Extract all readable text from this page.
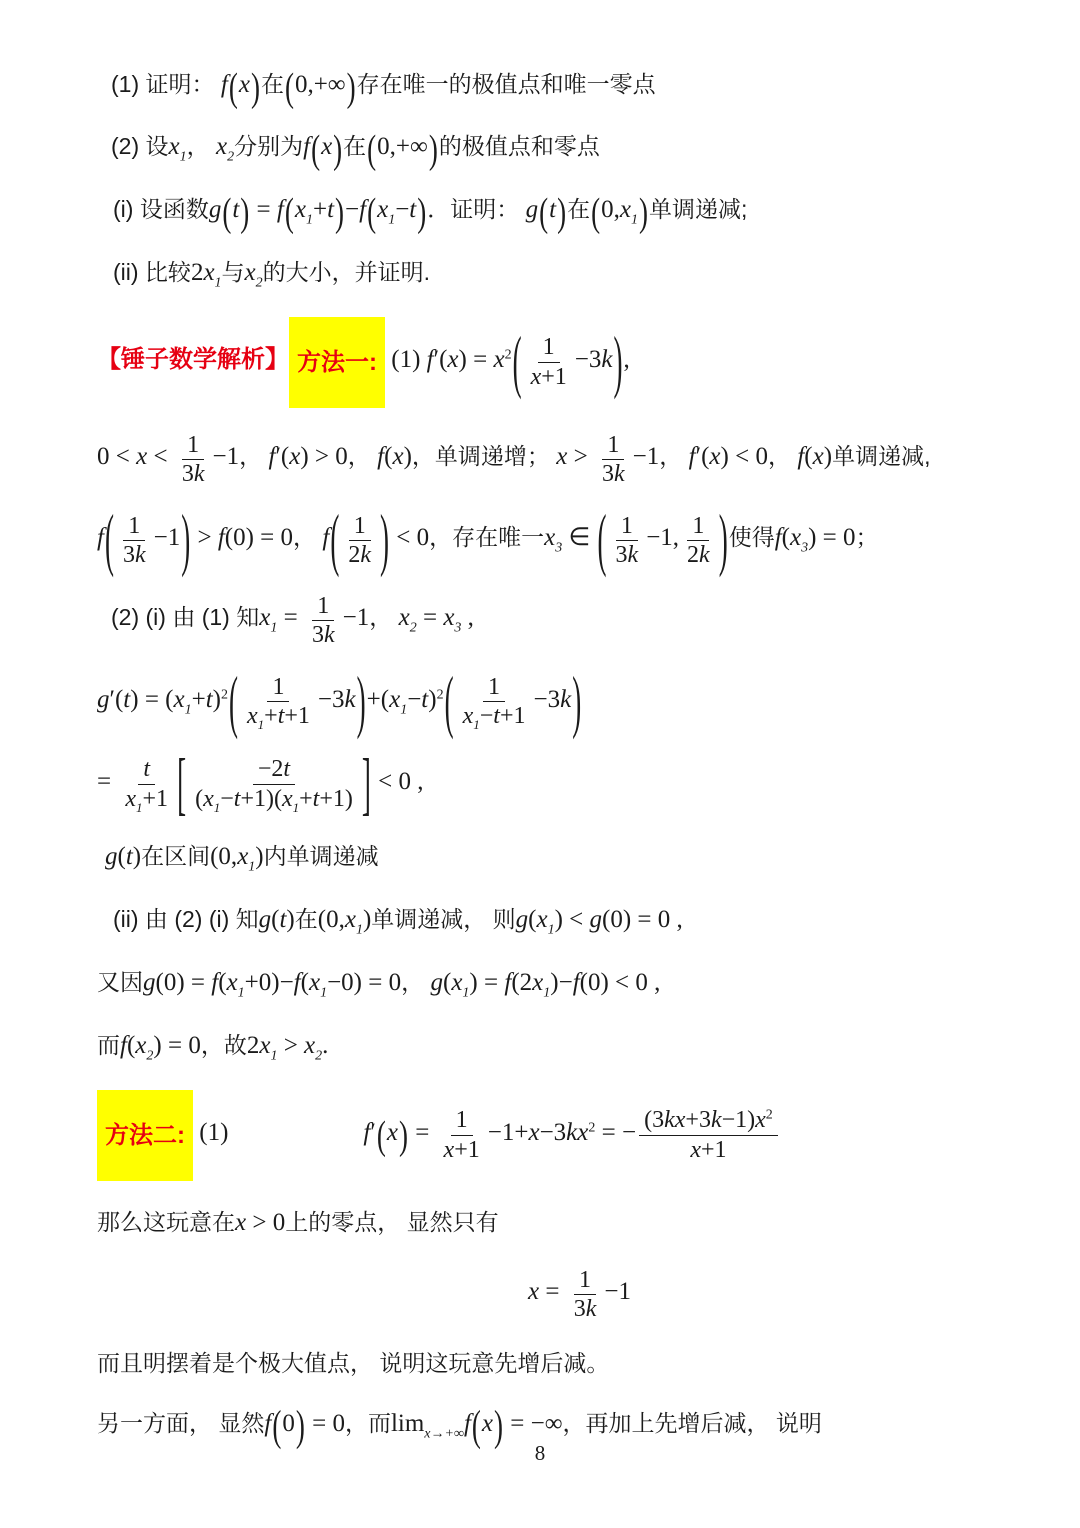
(1) 证明： f(x)在(0,+∞)存在唯一的极值点和唯一零点
(2) 设x1， x2分别为f(x)在(0,+∞)的极值点和零点
(i) 设函数g(t) = f(x1+t)−f(x1−t)．证明： g(t)在(0,x1)单调递减;
(ii) 比较2x1与x2的大小，并证明.
【锤子数学解析】 方法一: (1) $f'(x) = x2( \frac{1}{x+1} -3k)$,
$0 < x < \frac{1}{3k} -1$， f′(x) > 0， f(x)，单调递增； $x > \frac{1}{3k} -1$， f′(x) < 0， f(x)单调递减,
$f( \frac{1}{3k} -1) > f(0) = 0$， $f( \frac{1}{2k}$ ) < 0，存在唯一x3 ∈ ( $\frac{1}{3k} -1$, $\frac{1}{2k}$ )使得f(x3) = 0；
(2) (i) 由 (1) 知$x1 = \frac{1}{3k} -1$， x2 = x3 ,
$g'(t) = (x1+t)2( \frac{1}{x_1+t+1} -3k)+(x1-t)2( \frac{1}{x_1-t+1} -3k)$
= $\frac{t}{x_1+1}$ [ $\frac{-2t}{(x_1-t+1)(x_1+t+1)}$ ] < 0 ,
g(t)在区间(0,x1)内单调递减
(ii) 由 (2) (i) 知g(t)在(0,x1)单调递减， 则g(x1) < g(0) = 0 ,
又因g(0) = f(x1+0)−f(x1−0) = 0， g(x1) = f(2x1)−f(0) < 0 ,
而f(x2) = 0，故2x1 > x2.
方法二: (1)	$f'(x) = \frac{1}{x+1} -1+x-3kx2$ = − $\frac{(3kx+3k-1)x2}{x+1}$
那么这玩意在x > 0上的零点， 显然只有
$x = \frac{1}{3k} -1$
而且明摆着是个极大值点， 说明这玩意先增后减。
另一方面， 显然f(0) = 0，而limx→+∞f(x) = −∞，再加上先增后减， 说明
8
